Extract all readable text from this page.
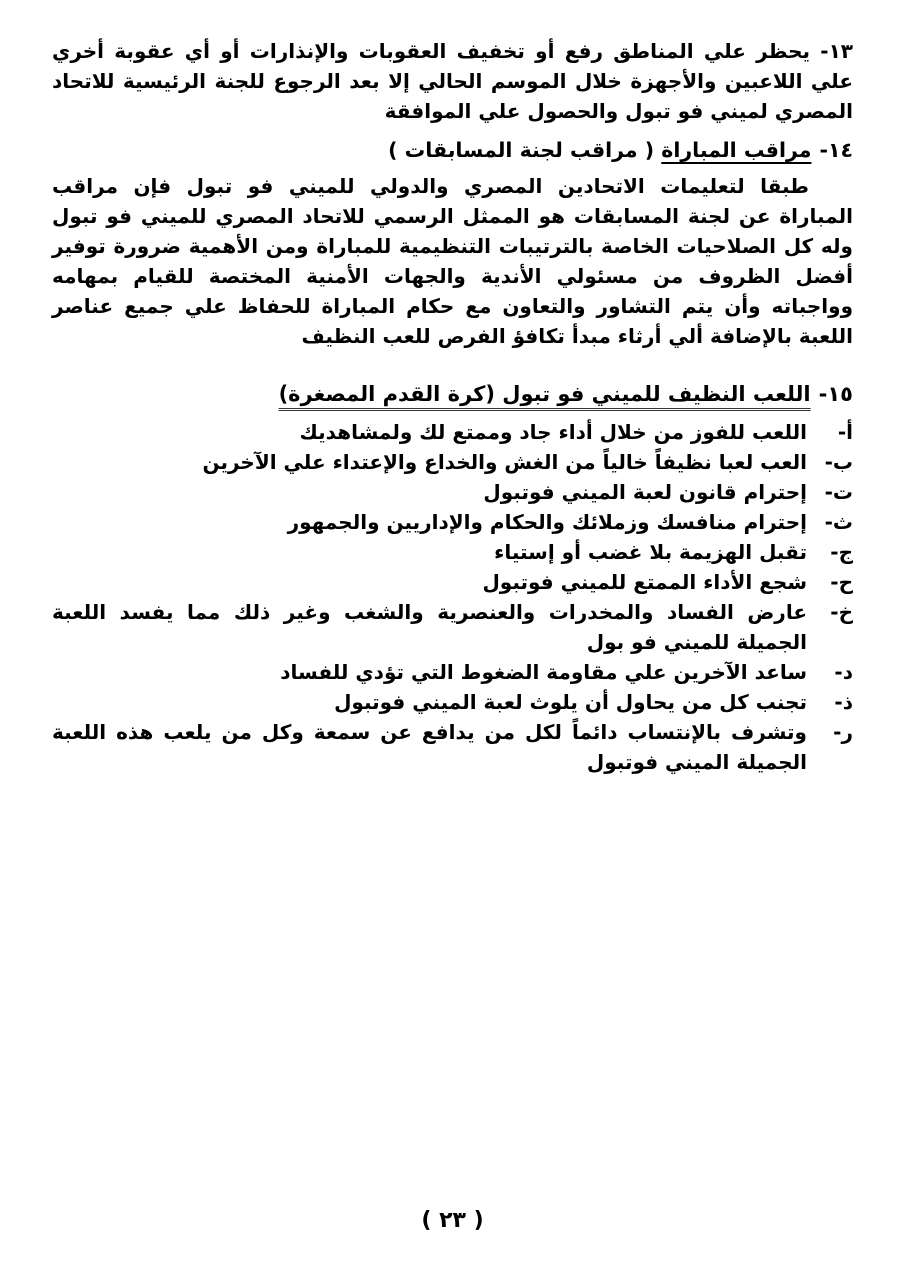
١٣- يحظر علي المناطق رفع أو تخفيف العقوبات والإنذارات أو أي عقوبة أخري علي اللاعبين والأجهزة خلال الموسم الحالي إلا بعد الرجوع للجنة الرئيسية للاتحاد المصري لميني فو تبول والحصول علي الموافقة

١٤-مراقب المباراة ( مراقب لجنة المسابقات )

طبقا لتعليمات الاتحادين المصري والدولي للميني فو تبول فإن مراقب المباراة عن لجنة المسابقات هو الممثل الرسمي للاتحاد المصري للميني فو تبول وله كل الصلاحيات الخاصة بالترتيبات التنظيمية للمباراة ومن الأهمية ضرورة توفير أفضل الظروف من مسئولي الأندية والجهات الأمنية المختصة للقيام بمهامه وواجباته وأن يتم التشاور والتعاون مع حكام المباراة للحفاظ علي جميع عناصر اللعبة بالإضافة ألي أرثاء مبدأ تكافؤ الفرص للعب النظيف

١٥-اللعب النظيف للميني فو تبول (كرة القدم المصغرة)

أ-
اللعب للفوز من خلال أداء جاد وممتع لك ولمشاهديك
ب-
العب لعبا نظيفاً خالياً من الغش والخداع والإعتداء علي الآخرين
ت-
إحترام قانون لعبة الميني فوتبول
ث-
إحترام منافسك وزملائك والحكام والإداريين والجمهور
ج-
تقبل الهزيمة بلا غضب أو إستياء
ح-
شجع الأداء الممتع للميني فوتبول
خ-
عارض الفساد والمخدرات والعنصرية والشغب وغير ذلك مما يفسد اللعبة الجميلة للميني فو بول
د-
ساعد الآخرين علي مقاومة الضغوط التي تؤدي للفساد
ذ-
تجنب كل من يحاول أن يلوث لعبة الميني فوتبول
ر-
وتشرف بالإنتساب دائماً لكل من يدافع عن سمعة وكل من يلعب هذه اللعبة الجميلة الميني فوتبول
( ٢٣ )
